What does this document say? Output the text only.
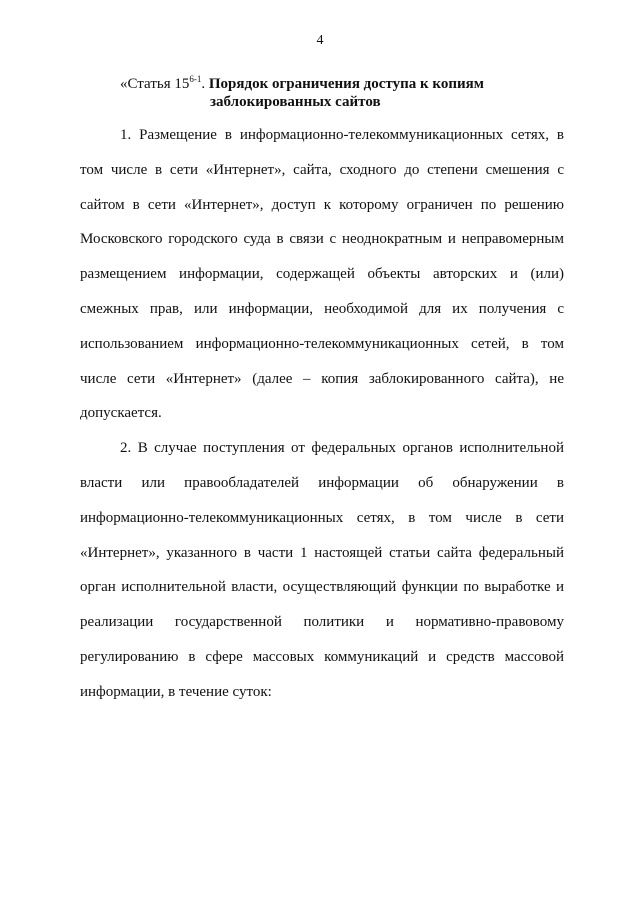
4
«Статья 15$^{6-1}$. Порядок ограничения доступа к копиям
заблокированных сайтов

1. Размещение в информационно-телекоммуникационных сетях, в том числе в сети «Интернет», сайта, сходного до степени смешения с сайтом в сети «Интернет», доступ к которому ограничен по решению Московского городского суда в связи с неоднократным и неправомерным размещением информации, содержащей объекты авторских и (или) смежных прав, или информации, необходимой для их получения с использованием информационно-телекоммуникационных сетей, в том числе сети «Интернет» (далее – копия заблокированного сайта), не допускается.

2. В случае поступления от федеральных органов исполнительной власти или правообладателей информации об обнаружении в информационно-телекоммуникационных сетях, в том числе в сети «Интернет», указанного в части 1 настоящей статьи сайта федеральный орган исполнительной власти, осуществляющий функции по выработке и реализации государственной политики и нормативно-правовому регулированию в сфере массовых коммуникаций и средств массовой информации, в течение суток:
